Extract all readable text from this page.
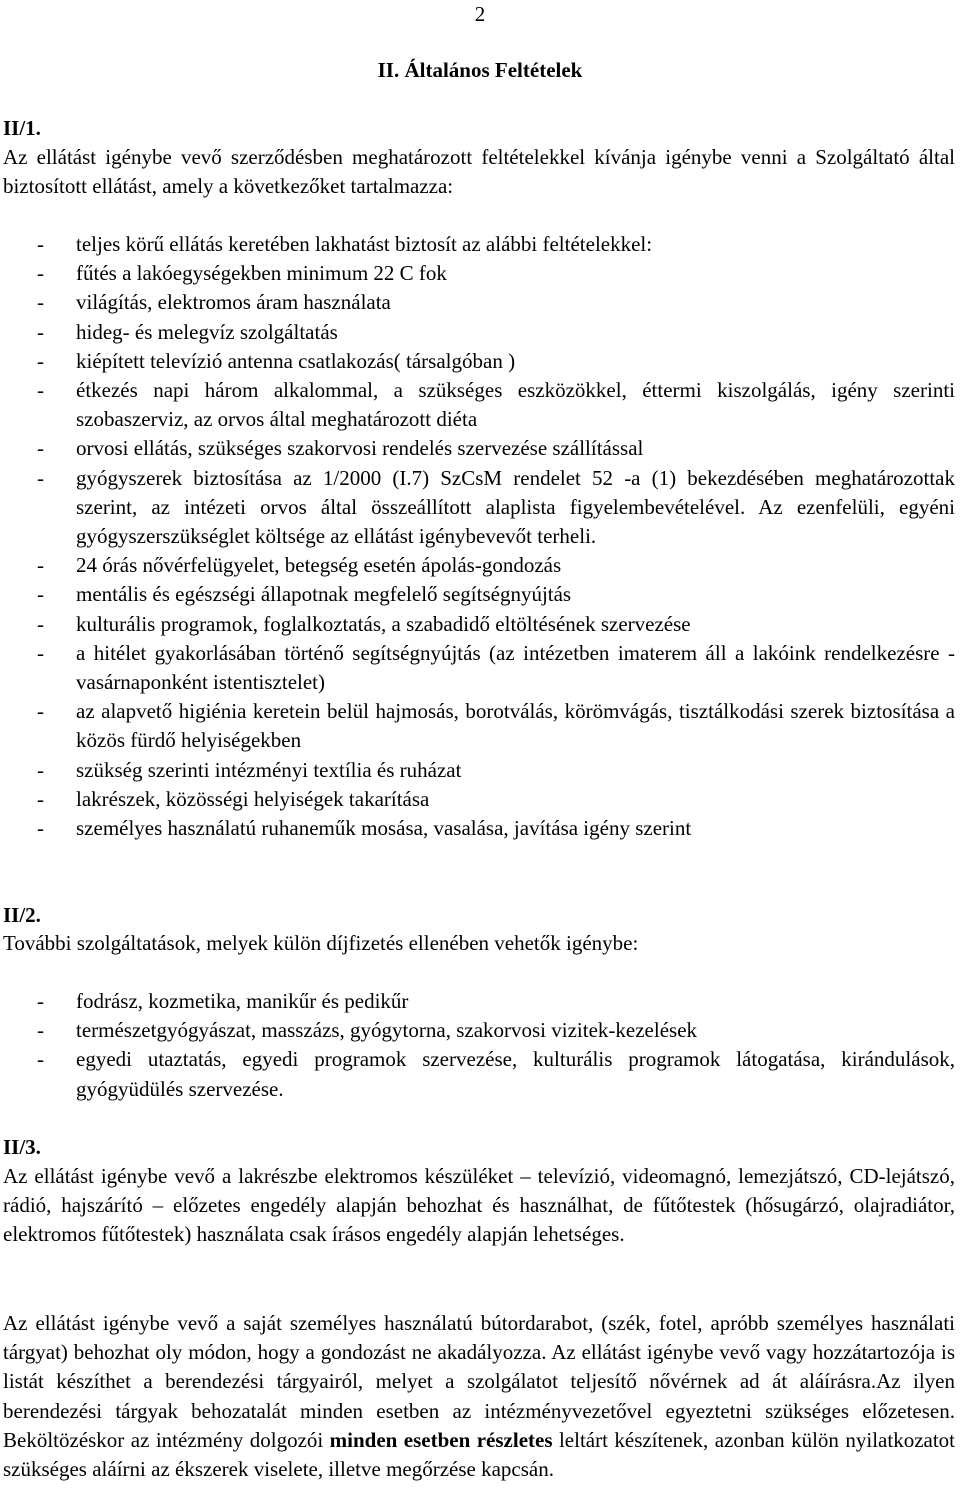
2
II. Általános Feltételek
II/1.
Az ellátást igénybe vevő szerződésben meghatározott feltételekkel kívánja igénybe venni a Szolgáltató által biztosított ellátást, amely a következőket tartalmazza:
- teljes körű ellátás keretében lakhatást biztosít az alábbi feltételekkel:
- fűtés a lakóegységekben minimum 22 C fok
- világítás, elektromos áram használata
- hideg- és melegvíz szolgáltatás
- kiépített televízió antenna csatlakozás( társalgóban )
- étkezés napi három alkalommal, a szükséges eszközökkel, éttermi kiszolgálás, igény szerinti szobaszerviz, az orvos által meghatározott diéta
- orvosi ellátás, szükséges szakorvosi rendelés szervezése szállítással
- gyógyszerek biztosítása az 1/2000 (I.7) SzCsM rendelet 52 -a (1) bekezdésében meghatározottak szerint, az intézeti orvos által összeállított alaplista figyelembevételével. Az ezenfelüli, egyéni gyógyszerszükséglet költsége az ellátást igénybevevőt terheli.
- 24 órás nővérfelügyelet, betegség esetén ápolás-gondozás
- mentális és egészségi állapotnak megfelelő segítségnyújtás
- kulturális programok, foglalkoztatás, a szabadidő eltöltésének szervezése
- a hitélet gyakorlásában történő segítségnyújtás (az intézetben imaterem áll a lakóink rendelkezésre -vasárnaponként istentisztelet)
- az alapvető higiénia keretein belül hajmosás, borotválás, körömvágás, tisztálkodási szerek biztosítása a közös fürdő helyiségekben
- szükség szerinti intézményi textília és ruházat
- lakrészek, közösségi helyiségek takarítása
- személyes használatú ruhaneműk mosása, vasalása, javítása igény szerint
II/2.
További szolgáltatások, melyek külön díjfizetés ellenében vehetők igénybe:
- fodrász, kozmetika, manikűr és pedikűr
- természetgyógyászat, masszázs, gyógytorna, szakorvosi vizitek-kezelések
- egyedi utaztatás, egyedi programok szervezése, kulturális programok látogatása, kirándulások, gyógyüdülés szervezése.
II/3.
Az ellátást igénybe vevő a lakrészbe elektromos készüléket – televízió, videomagnó, lemezjátszó, CD-lejátszó, rádió, hajszárító – előzetes engedély alapján behozhat és használhat, de fűtőtestek (hősugárzó, olajradiátor, elektromos fűtőtestek) használata csak írásos engedély alapján lehetséges.
Az ellátást igénybe vevő a saját személyes használatú bútordarabot, (szék, fotel, apróbb személyes használati tárgyat) behozhat oly módon, hogy a gondozást ne akadályozza. Az ellátást igénybe vevő vagy hozzátartozója is listát készíthet a berendezési tárgyairól, melyet a szolgálatot teljesítő nővérnek ad át aláírásra.Az ilyen berendezési tárgyak behozatalát minden esetben az intézményvezetővel egyeztetni szükséges előzetesen. Beköltözéskor az intézmény dolgozói minden esetben részletes leltárt készítenek, azonban külön nyilatkozatot szükséges aláírni az ékszerek viselete, illetve megőrzése kapcsán.
